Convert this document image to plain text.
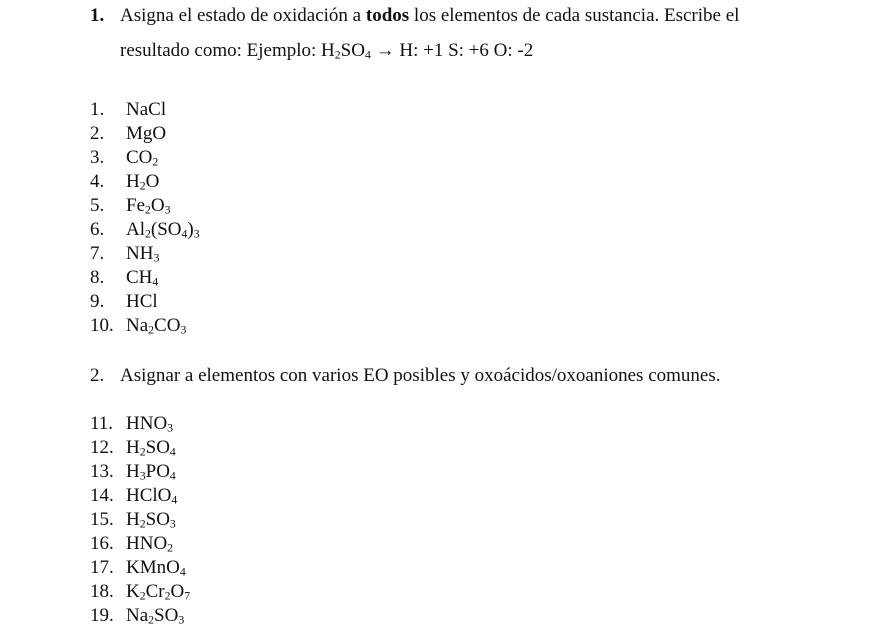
1. Asigna el estado de oxidación a todos los elementos de cada sustancia. Escribe el
resultado como: Ejemplo: $H_2SO_4 \to H$: +1 S: +6 O: -2
1. NaCl
2. MgO
3. $CO_2$
4. $H_2O$
5. $Fe_2O_3$
6. $Al_2(SO_4)_3$
7. $NH_3$
8. $CH_4$
9. HCl
10. $Na_2CO_3$
2. Asignar a elementos con varios EO posibles y oxoácidos/oxoaniones comunes.
11. $HNO_3$
12. $H_2SO_4$
13. $H_3PO_4$
14. HClO$_4$
15. $H_2SO_3$
16. $HNO_2$
17. KMnO$_4$
18. $K_2Cr_2O_7$
19. $Na_2SO_3$
